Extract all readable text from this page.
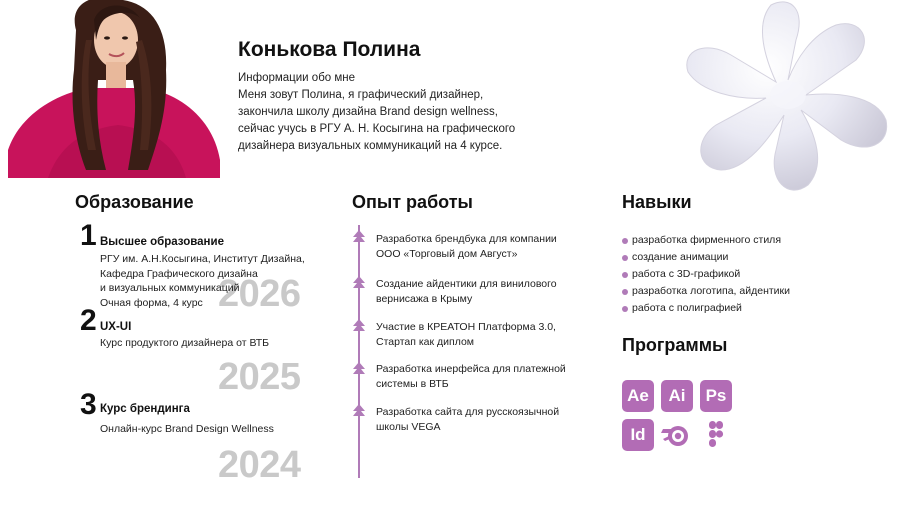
Конькова Полина
Информации обо мне
Меня зовут Полина, я графический дизайнер,
закончила школу дизайна Brand design wellness,
сейчас учусь в РГУ А. Н. Косыгина на графического
дизайнера визуальных коммуникаций на 4 курсе.
Образование
2026
2025
2024
1 Высшее образование
РГУ им. А.Н.Косыгина, Институт Дизайна,
Кафедра Графического дизайна
и визуальных коммуникаций
Очная форма, 4 курс
2 UX-UI
Курс продуктого дизайнера от ВТБ
3 Курс брендинга
Онлайн-курс Brand Design Wellness
Опыт работы
Разработка брендбука для компании
ООО «Торговый дом Август»
Создание айдентики для винилового
вернисажа в Крыму
Участие в КРЕАТОН Платформа 3.0,
Стартап как диплом
Разработка инерфейса для платежной
системы в ВТБ
Разработка сайта для русскоязычной
школы VEGA
Навыки
разработка фирменного стиля
создание анимации
работа с 3D-графикой
разработка логотипа, айдентики
работа с полиграфией
Программы
Ae	Ai	Ps
Id
